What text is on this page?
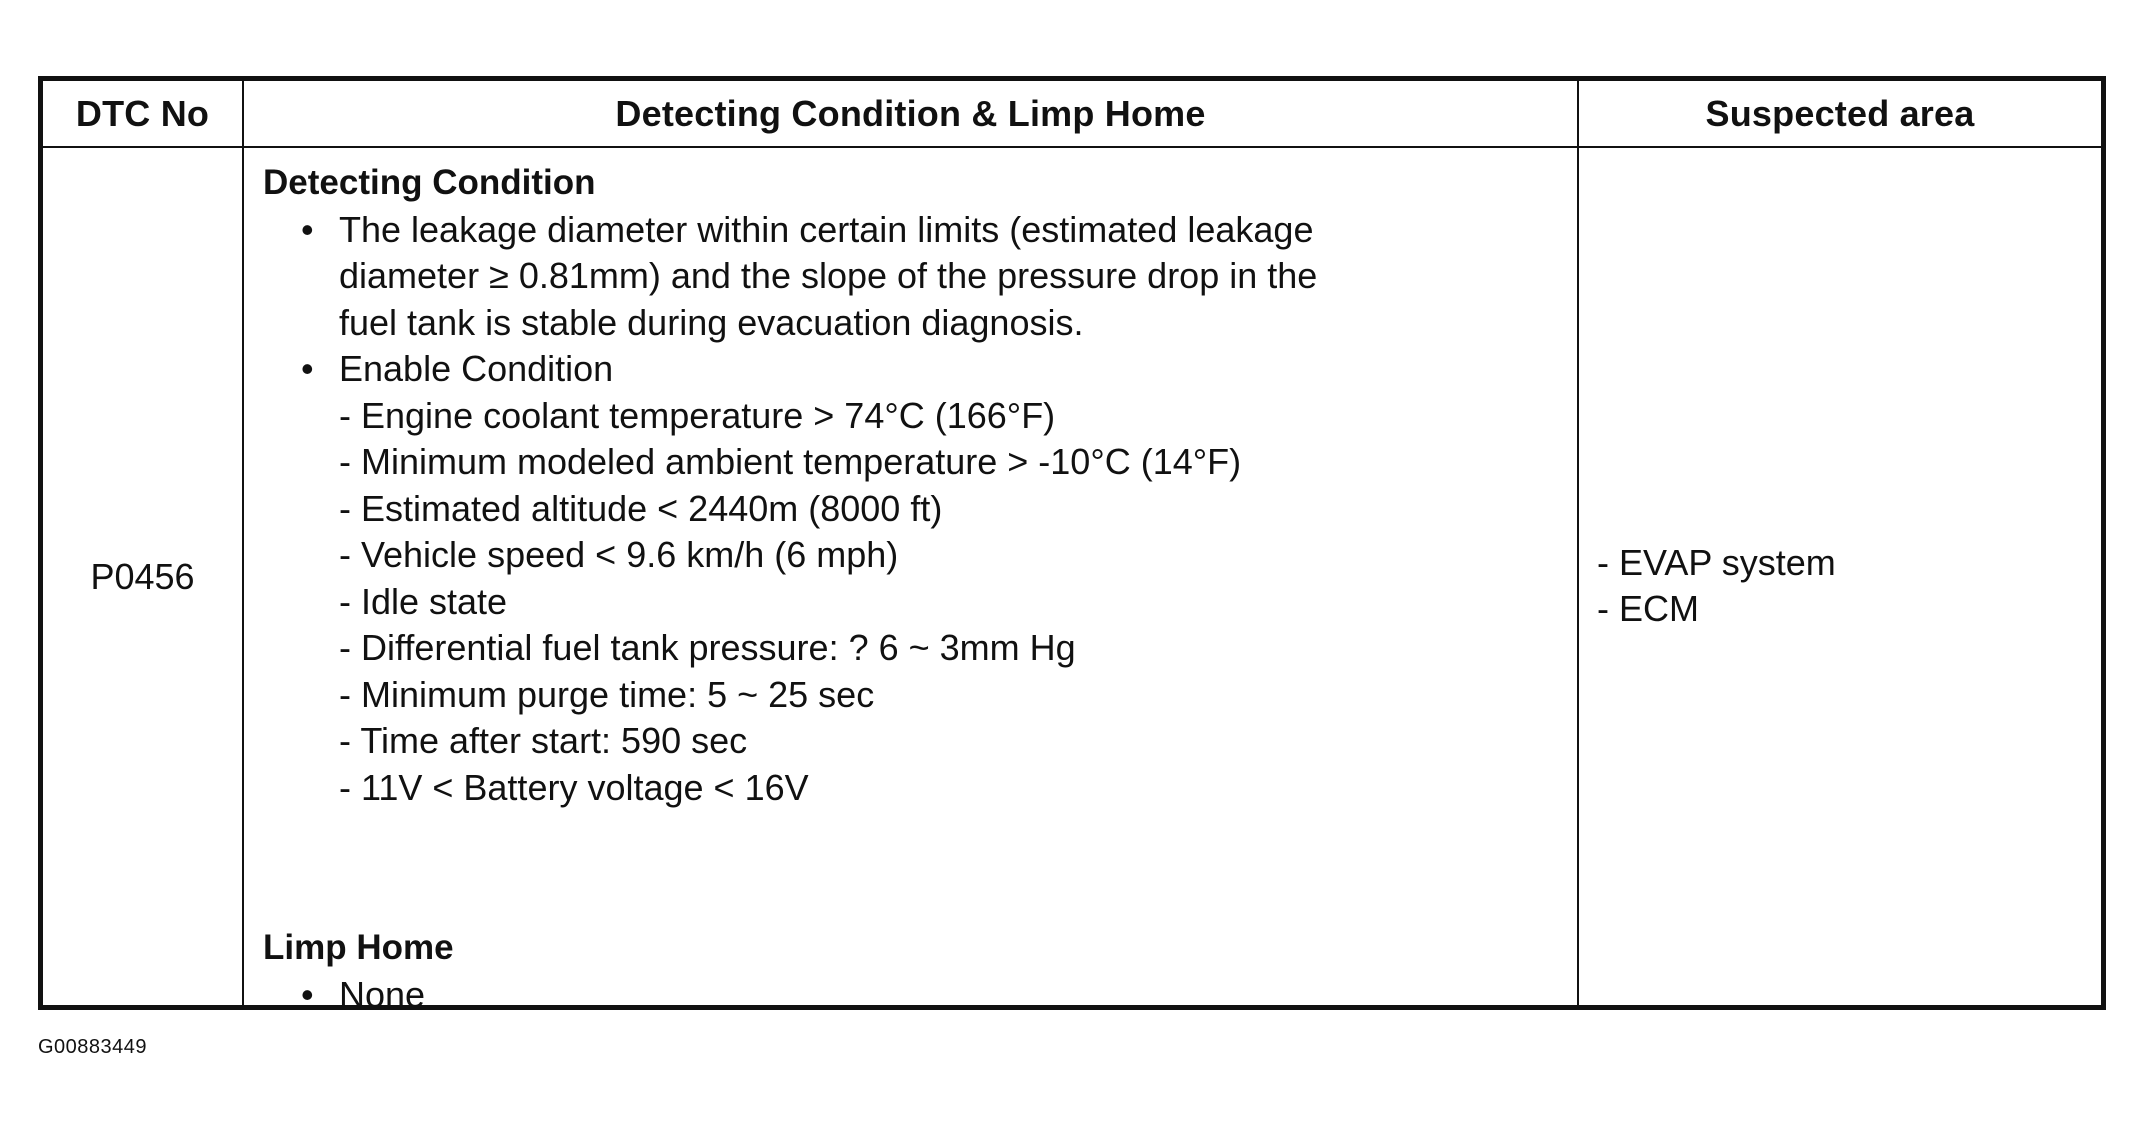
DTC No	Detecting Condition & Limp Home	Suspected area
P0456
Detecting Condition
• The leakage diameter within certain limits (estimated leakage
diameter ≥ 0.81mm) and the slope of the pressure drop in the
fuel tank is stable during evacuation diagnosis.
• Enable Condition
- Engine coolant temperature > 74°C (166°F)
- Minimum modeled ambient temperature > -10°C (14°F)
- Estimated altitude < 2440m (8000 ft)
- Vehicle speed < 9.6 km/h (6 mph)
- Idle state
- Differential fuel tank pressure: ? 6 ~ 3mm Hg
- Minimum purge time: 5 ~ 25 sec
- Time after start: 590 sec
- 11V < Battery voltage < 16V
Limp Home
• None
- EVAP system
- ECM
G00883449
